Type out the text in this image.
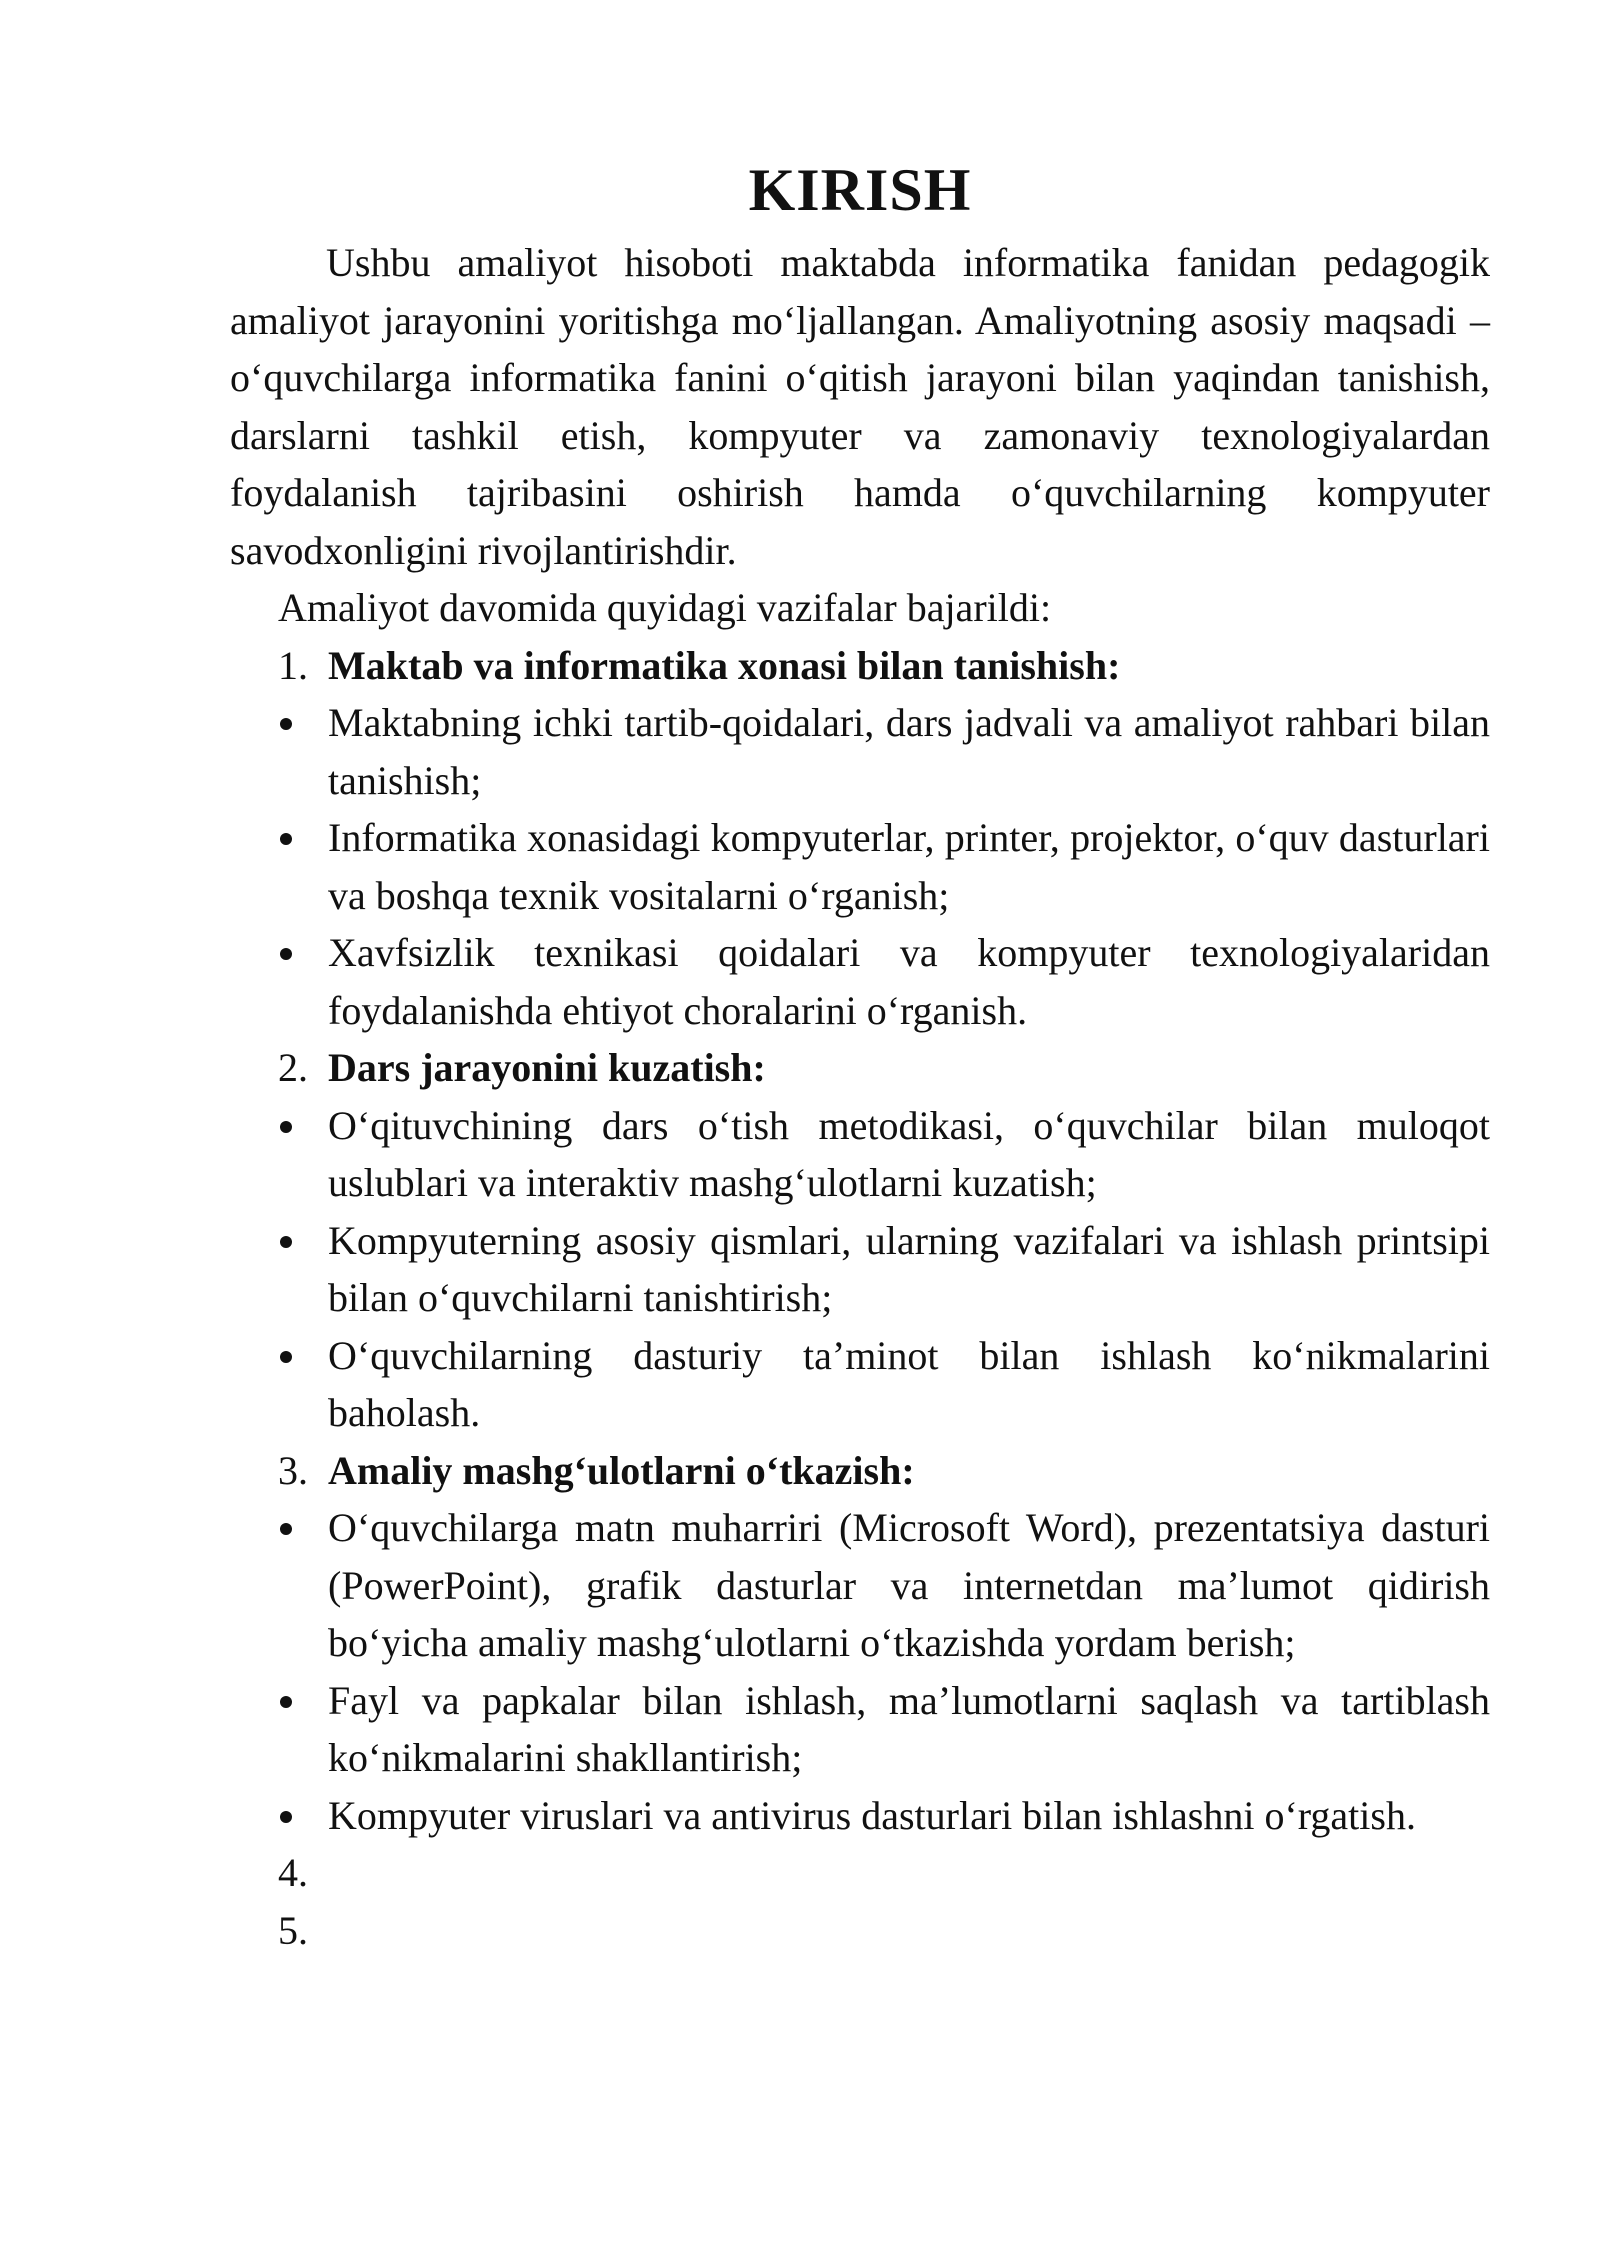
KIRISH

Ushbu amaliyot hisoboti maktabda informatika fanidan pedagogik amaliyot jarayonini yoritishga mo‘ljallangan. Amaliyotning asosiy maqsadi – o‘quvchilarga informatika fanini o‘qitish jarayoni bilan yaqindan tanishish, darslarni tashkil etish, kompyuter va zamonaviy texnologiyalardan foydalanish tajribasini oshirish hamda o‘quvchilarning kompyuter savodxonligini rivojlantirishdir.

Amaliyot davomida quyidagi vazifalar bajarildi:

1. Maktab va informatika xonasi bilan tanishish:
Maktabning ichki tartib-qoidalari, dars jadvali va amaliyot rahbari bilan tanishish;
Informatika xonasidagi kompyuterlar, printer, projektor, o‘quv dasturlari va boshqa texnik vositalarni o‘rganish;
Xavfsizlik texnikasi qoidalari va kompyuter texnologiyalaridan foydalanishda ehtiyot choralarini o‘rganish.
2. Dars jarayonini kuzatish:
O‘qituvchining dars o‘tish metodikasi, o‘quvchilar bilan muloqot uslublari va interaktiv mashg‘ulotlarni kuzatish;
Kompyuterning asosiy qismlari, ularning vazifalari va ishlash printsipi bilan o‘quvchilarni tanishtirish;
O‘quvchilarning dasturiy ta’minot bilan ishlash ko‘nikmalarini baholash.
3. Amaliy mashg‘ulotlarni o‘tkazish:
O‘quvchilarga matn muharriri (Microsoft Word), prezentatsiya dasturi (PowerPoint), grafik dasturlar va internetdan ma’lumot qidirish bo‘yicha amaliy mashg‘ulotlarni o‘tkazishda yordam berish;
Fayl va papkalar bilan ishlash, ma’lumotlarni saqlash va tartiblash ko‘nikmalarini shakllantirish;
Kompyuter viruslari va antivirus dasturlari bilan ishlashni o‘rgatish.
4.

5.
